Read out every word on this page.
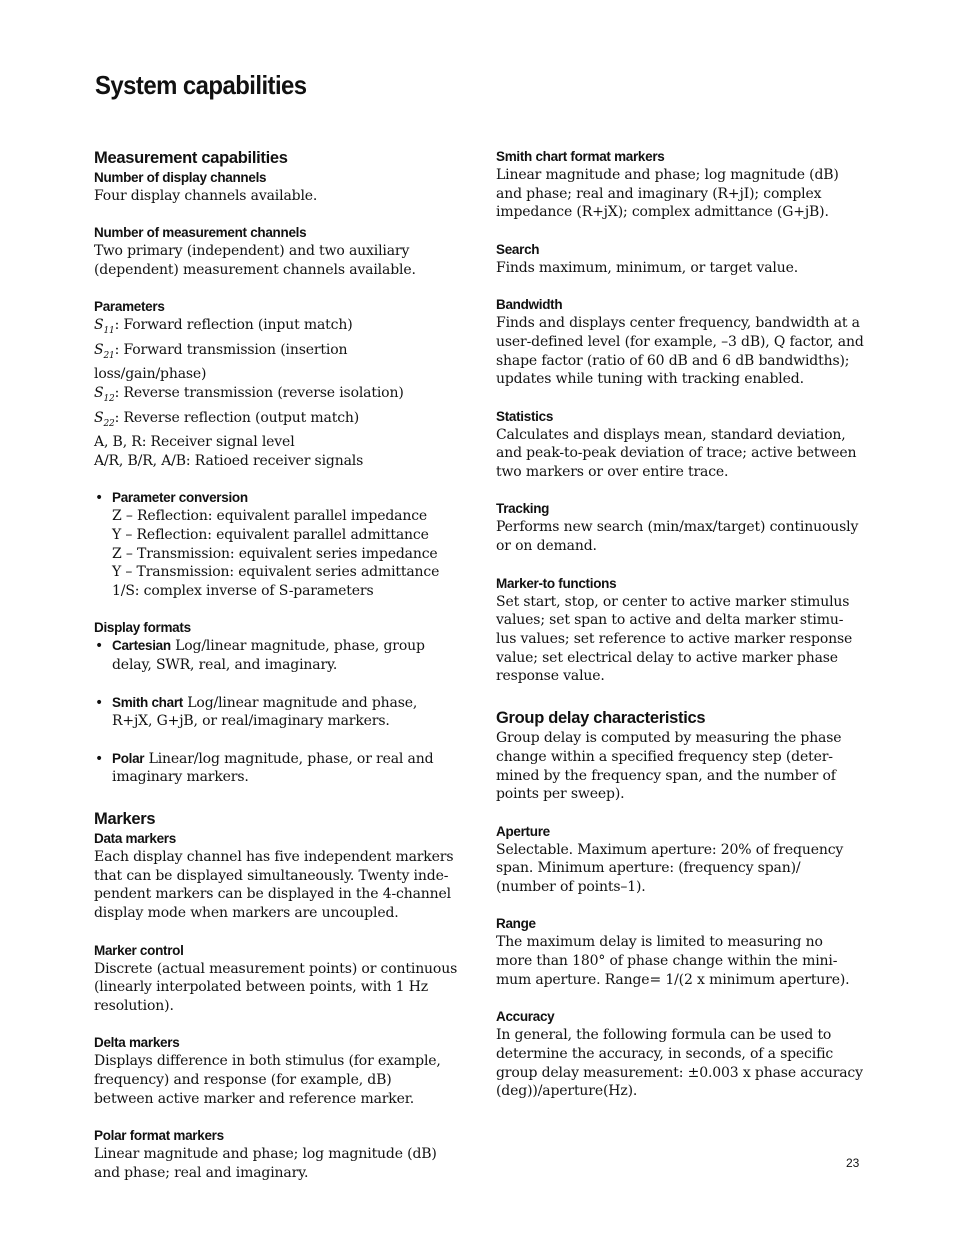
System capabilities
Measurement capabilities
Number of display channels

Four display channels available.

Number of measurement channels

Two primary (independent) and two auxiliary

(dependent) measurement channels available.

Parameters

$S_{11}$: Forward reflection (input match)

$S_{21}$: Forward transmission (insertion

loss/gain/phase)

$S_{12}$: Reverse transmission (reverse isolation)

$S_{22}$: Reverse reflection (output match)

A, B, R: Receiver signal level

A/R, B/R, A/B: Ratioed receiver signals

• Parameter conversion

Z – Reflection: equivalent parallel impedance

Y – Reflection: equivalent parallel admittance

Z – Transmission: equivalent series impedance

Y – Transmission: equivalent series admittance

1/S: complex inverse of S-parameters

Display formats
• Cartesian Log/linear magnitude, phase, group

delay, SWR, real, and imaginary.

• Smith chart Log/linear magnitude and phase,

R+jX, G+jB, or real/imaginary markers.

• Polar Linear/log magnitude, phase, or real and

imaginary markers.

Markers
Data markers

Each display channel has five independent markers

that can be displayed simultaneously. Twenty inde-

pendent markers can be displayed in the 4-channel

display mode when markers are uncoupled.

Marker control

Discrete (actual measurement points) or continuous

(linearly interpolated between points, with 1 Hz

resolution).

Delta markers

Displays difference in both stimulus (for example,

frequency) and response (for example, dB)

between active marker and reference marker.

Polar format markers

Linear magnitude and phase; log magnitude (dB)

and phase; real and imaginary.

Smith chart format markers

Linear magnitude and phase; log magnitude (dB)

and phase; real and imaginary (R+jI); complex

impedance (R+jX); complex admittance (G+jB).

Search

Finds maximum, minimum, or target value.

Bandwidth

Finds and displays center frequency, bandwidth at a

user-defined level (for example, –3 dB), Q factor, and

shape factor (ratio of 60 dB and 6 dB bandwidths);

updates while tuning with tracking enabled.

Statistics

Calculates and displays mean, standard deviation,

and peak-to-peak deviation of trace; active between

two markers or over entire trace.

Tracking

Performs new search (min/max/target) continuously

or on demand.

Marker-to functions

Set start, stop, or center to active marker stimulus

values; set span to active and delta marker stimu-

lus values; set reference to active marker response

value; set electrical delay to active marker phase

response value.

Group delay characteristics

Group delay is computed by measuring the phase

change within a specified frequency step (deter-

mined by the frequency span, and the number of

points per sweep).

Aperture

Selectable. Maximum aperture: 20% of frequency

span. Minimum aperture: (frequency span)/

(number of points–1).

Range

The maximum delay is limited to measuring no

more than 180° of phase change within the mini-

mum aperture. Range= 1/(2 x minimum aperture).

Accuracy

In general, the following formula can be used to

determine the accuracy, in seconds, of a specific

group delay measurement: ±0.003 x phase accuracy

(deg))/aperture(Hz).

23
